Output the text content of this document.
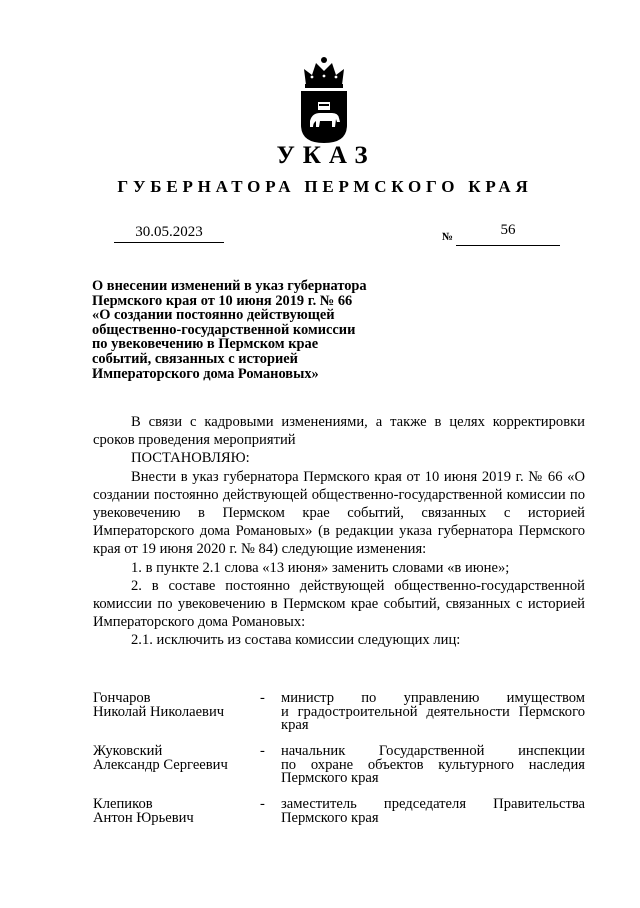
УКАЗ
ГУБЕРНАТОРА ПЕРМСКОГО КРАЯ
30.05.2023	№	56
О внесении изменений в указ губернатора
Пермского края от 10 июня 2019 г. № 66
«О создании постоянно действующей
общественно-государственной комиссии
по увековечению в Пермском крае
событий, связанных с историей
Императорского дома Романовых»

В связи с кадровыми изменениями, а также в целях корректировки сроков проведения мероприятий

ПОСТАНОВЛЯЮ:

Внести в указ губернатора Пермского края от 10 июня 2019 г. № 66 «О создании постоянно действующей общественно-государственной комиссии по увековечению в Пермском крае событий, связанных с историей Императорского дома Романовых» (в редакции указа губернатора Пермского края от 19 июня 2020 г. № 84) следующие изменения:

1. в пункте 2.1 слова «13 июня» заменить словами «в июне»;

2. в составе постоянно действующей общественно-государственной комиссии по увековечению в Пермском крае событий, связанных с историей Императорского дома Романовых:

2.1. исключить из состава комиссии следующих лиц:

Гончаров
Николай Николаевич
- министр по управлению имуществом
и градостроительной деятельности Пермского
края
Жуковский
Александр Сергеевич
- начальник Государственной инспекции
по охране объектов культурного наследия
Пермского края
Клепиков
Антон Юрьевич
- заместитель председателя Правительства
Пермского края
